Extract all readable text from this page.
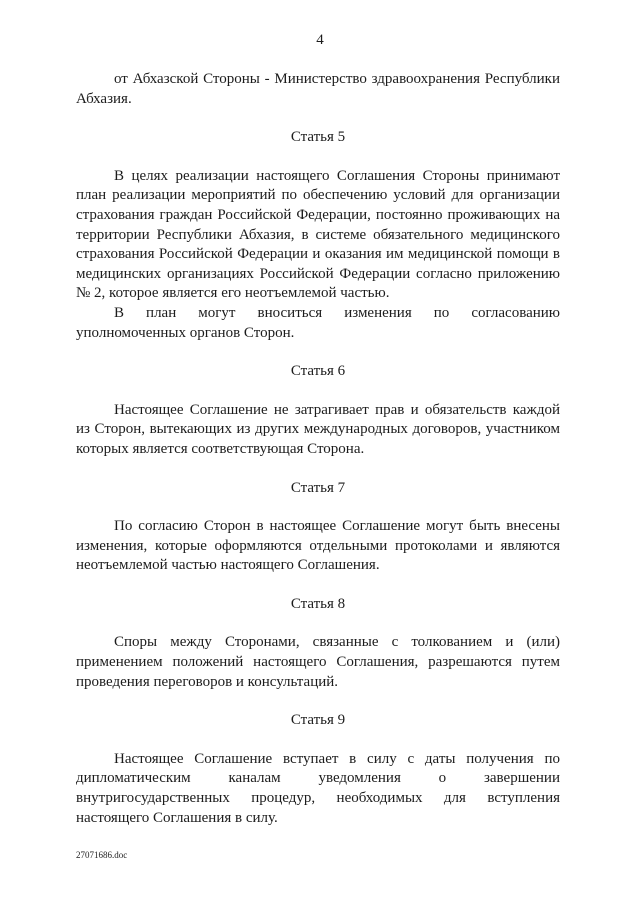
4

от Абхазской Стороны - Министерство здравоохранения Республики Абхазия.

Статья 5

В целях реализации настоящего Соглашения Стороны принимают план реализации мероприятий по обеспечению условий для организации страхования граждан Российской Федерации, постоянно проживающих на территории Республики Абхазия, в системе обязательного медицинского страхования Российской Федерации и оказания им медицинской помощи в медицинских организациях Российской Федерации согласно приложению № 2, которое является его неотъемлемой частью.

В план могут вноситься изменения по согласованию уполномоченных органов Сторон.

Статья 6

Настоящее Соглашение не затрагивает прав и обязательств каждой из Сторон, вытекающих из других международных договоров, участником которых является соответствующая Сторона.

Статья 7

По согласию Сторон в настоящее Соглашение могут быть внесены изменения, которые оформляются отдельными протоколами и являются неотъемлемой частью настоящего Соглашения.

Статья 8

Споры между Сторонами, связанные с толкованием и (или) применением положений настоящего Соглашения, разрешаются путем проведения переговоров и консультаций.

Статья 9

Настоящее Соглашение вступает в силу с даты получения по дипломатическим каналам уведомления о завершении внутригосударственных процедур, необходимых для вступления настоящего Соглашения в силу.

27071686.doc
